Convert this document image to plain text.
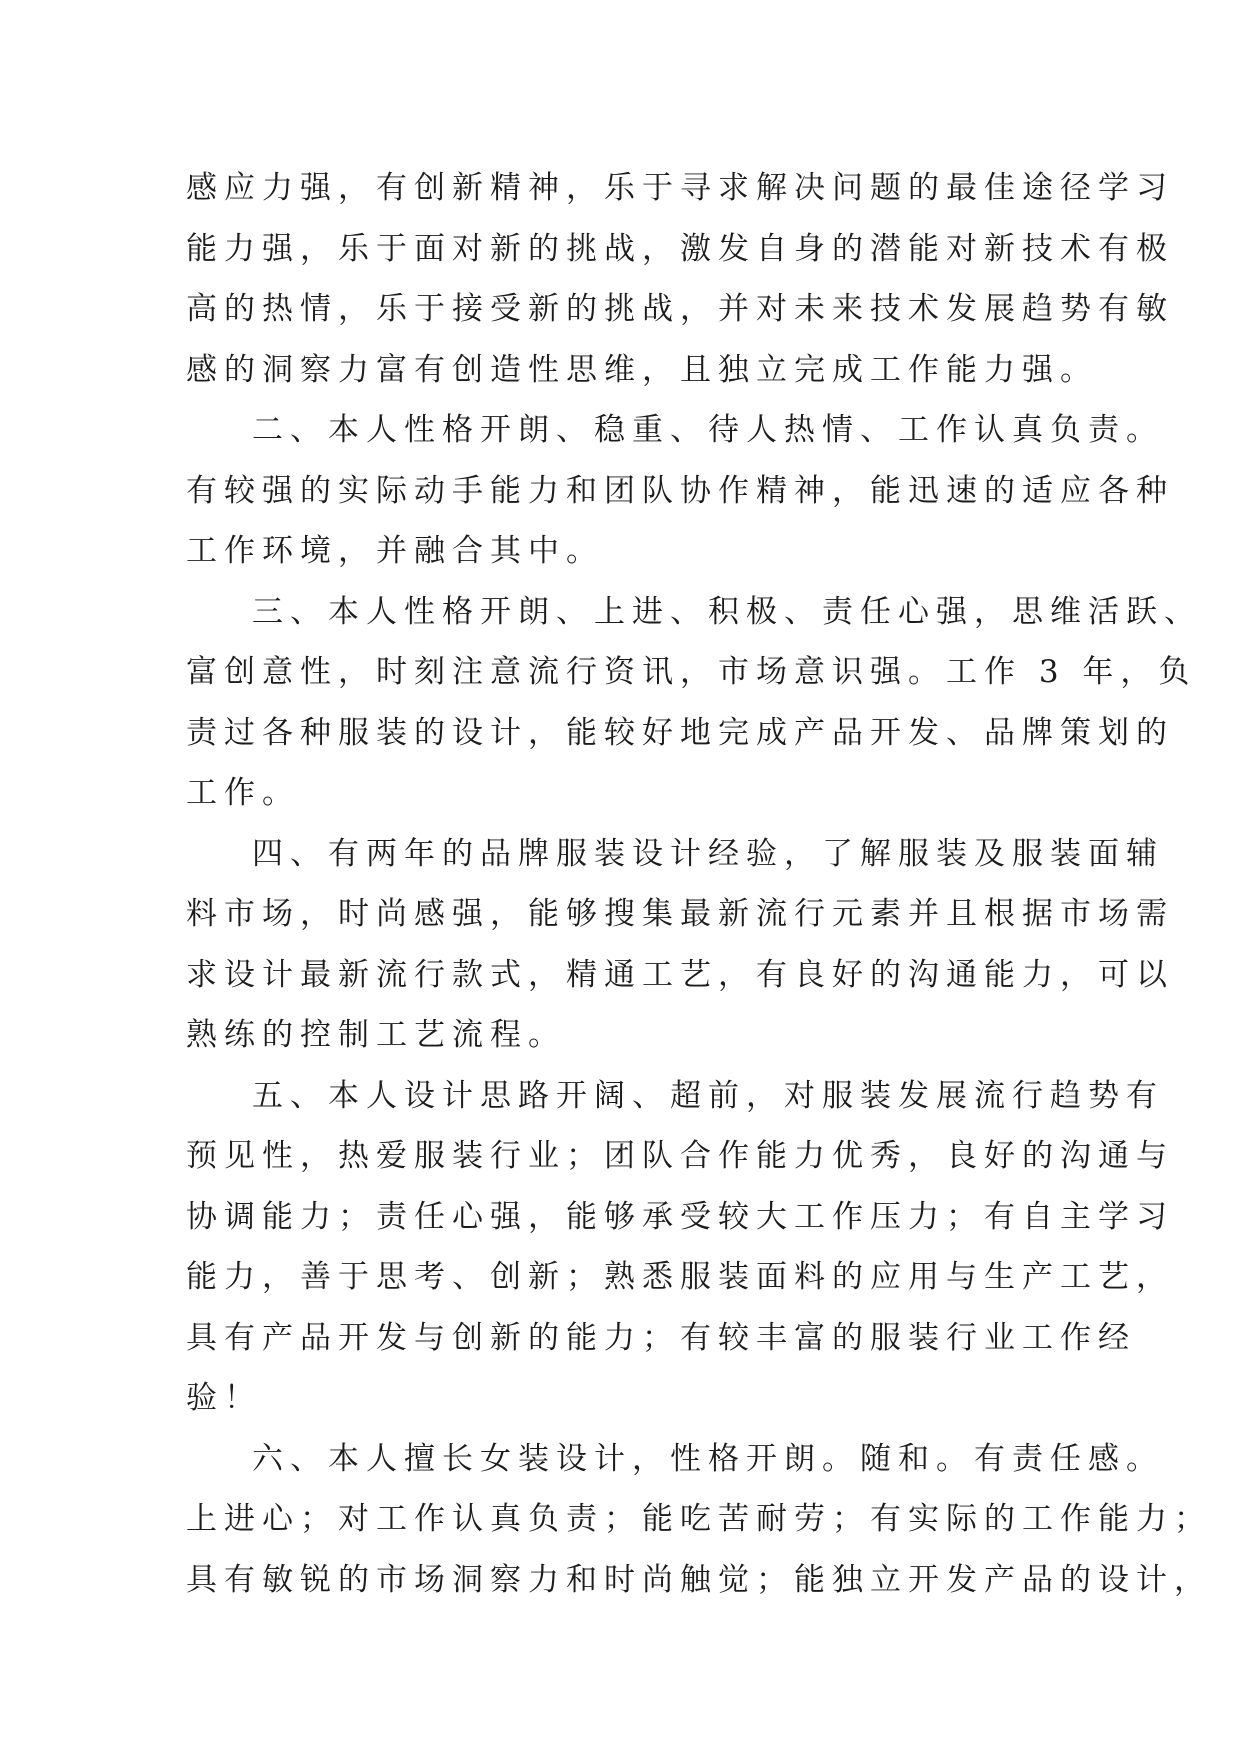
感应力强，有创新精神，乐于寻求解决问题的最佳途径学习
能力强，乐于面对新的挑战，激发自身的潜能对新技术有极
高的热情，乐于接受新的挑战，并对未来技术发展趋势有敏
感的洞察力富有创造性思维，且独立完成工作能力强。

二、本人性格开朗、稳重、待人热情、工作认真负责。
有较强的实际动手能力和团队协作精神，能迅速的适应各种
工作环境，并融合其中。

三、本人性格开朗、上进、积极、责任心强，思维活跃、
富创意性，时刻注意流行资讯，市场意识强。工作 3 年，负
责过各种服装的设计，能较好地完成产品开发、品牌策划的
工作。

四、有两年的品牌服装设计经验，了解服装及服装面辅
料市场，时尚感强，能够搜集最新流行元素并且根据市场需
求设计最新流行款式，精通工艺，有良好的沟通能力，可以
熟练的控制工艺流程。

五、本人设计思路开阔、超前，对服装发展流行趋势有
预见性，热爱服装行业；团队合作能力优秀，良好的沟通与
协调能力；责任心强，能够承受较大工作压力；有自主学习
能力，善于思考、创新；熟悉服装面料的应用与生产工艺，
具有产品开发与创新的能力；有较丰富的服装行业工作经
验！

六、本人擅长女装设计，性格开朗。随和。有责任感。
上进心；对工作认真负责；能吃苦耐劳；有实际的工作能力；
具有敏锐的市场洞察力和时尚触觉；能独立开发产品的设计，
